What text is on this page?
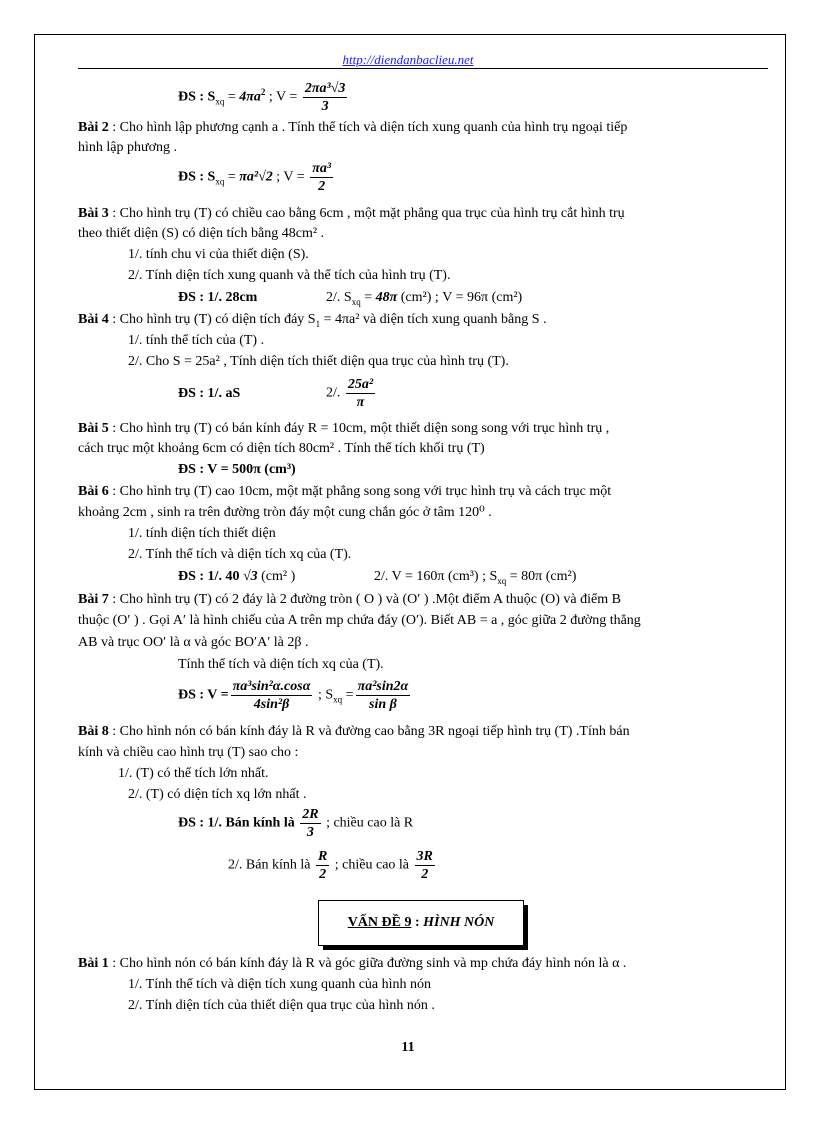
http://diendanbaclieu.net
ĐS : $S_{xq} = 4\pi a^2$ ; $V = \frac{\text{2πa³√3}}{3}$
Bài 2 : Cho hình lập phương cạnh a . Tính thể tích và diện tích xung quanh của hình trụ ngoại tiếp
hình lập phương .
ĐS : $S_{xq} = \pi a^2√2$ ; $V = \frac{\text{πa³}}{2}$
Bài 3 : Cho hình trụ (T) có chiều cao bằng 6cm , một mặt phẳng qua trục của hình trụ cắt hình trụ
theo thiết diện (S) có diện tích bằng 48cm² .
1/. tính chu vi của thiết diện (S).
2/. Tính diện tích xung quanh và thể tích của hình trụ (T).
ĐS : 1/. 28cm	2/. $S_{xq} = 48\pi$ (cm²) ; V = 96π (cm²)
Bài 4 : Cho hình trụ (T) có diện tích đáy $S_1 = 4\pi a^2$ và diện tích xung quanh bằng S .
1/. tính thể tích của (T) .
2/. Cho S = 25a² , Tính diện tích thiết diện qua trục của hình trụ (T).
ĐS : 1/. aS	2/. $\frac{\text{25a²}}{\pi}$
Bài 5 : Cho hình trụ (T) có bán kính đáy R = 10cm, một thiết diện song song với trục hình trụ ,
cách trục một khoảng 6cm có diện tích 80cm² . Tính thể tích khối trụ (T)
ĐS : V = 500π (cm³)
Bài 6 : Cho hình trụ (T) cao 10cm, một mặt phẳng song song với trục hình trụ và cách trục một
khoảng 2cm , sinh ra trên đường tròn đáy một cung chắn góc ở tâm 120⁰ .
1/. tính diện tích thiết diện
2/. Tính thể tích và diện tích xq của (T).
ĐS : 1/. 40 √3 (cm² )	2/. V = 160π (cm³) ; $S_{xq} = 80\pi$ (cm²)
Bài 7 : Cho hình trụ (T) có 2 đáy là 2 đường tròn ( O ) và (O′ ) .Một điểm A thuộc (O) và điểm B
thuộc (O′ ) . Gọi A′ là hình chiếu của A trên mp chứa đáy (O′). Biết AB = a , góc giữa 2 đường thẳng
AB và trục OO′ là α và góc BO′A′ là 2β .
Tính thể tích và diện tích xq của (T).
ĐS : $V = \frac{\text{πa³sin²α.cosα}}{\text{4sin²β}}$ ; $S_{xq} = \frac{\text{πa²sin2α}}{\text{sin β}}$
Bài 8 : Cho hình nón có bán kính đáy là R và đường cao bằng 3R ngoại tiếp hình trụ (T) .Tính bán
kính và chiều cao hình trụ (T) sao cho :
1/. (T) có thể tích lớn nhất.
2/. (T) có diện tích xq lớn nhất .
ĐS : 1/. Bán kính là $\frac{2R}{3}$ ; chiều cao là R
2/. Bán kính là $\frac{R}{2}$ ; chiều cao là $\frac{3R}{2}$
VẤN ĐỀ 9 : HÌNH NÓN
Bài 1 : Cho hình nón có bán kính đáy là R và góc giữa đường sinh và mp chứa đáy hình nón là α .
1/. Tính thể tích và diện tích xung quanh của hình nón
2/. Tính diện tích của thiết diện qua trục của hình nón .
11
